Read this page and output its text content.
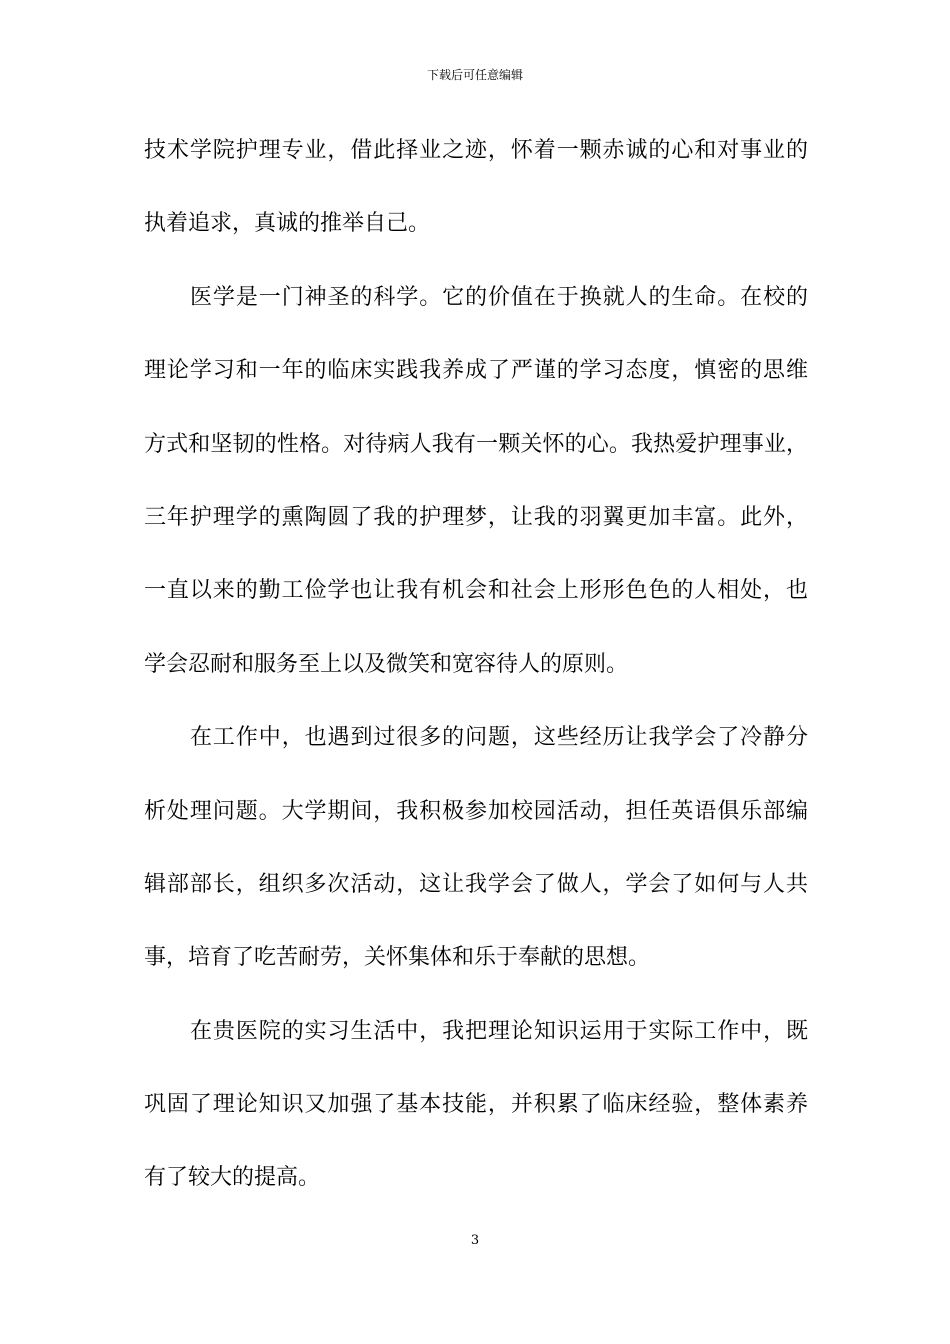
下载后可任意编辑
技术学院护理专业，借此择业之迹，怀着一颗赤诚的心和对事业的
执着追求，真诚的推举自己。
医学是一门神圣的科学。它的价值在于换就人的生命。在校的
理论学习和一年的临床实践我养成了严谨的学习态度，慎密的思维
方式和坚韧的性格。对待病人我有一颗关怀的心。我热爱护理事业，
三年护理学的熏陶圆了我的护理梦，让我的羽翼更加丰富。此外，
一直以来的勤工俭学也让我有机会和社会上形形色色的人相处，也
学会忍耐和服务至上以及微笑和宽容待人的原则。
在工作中，也遇到过很多的问题，这些经历让我学会了冷静分
析处理问题。大学期间，我积极参加校园活动，担任英语俱乐部编
辑部部长，组织多次活动，这让我学会了做人，学会了如何与人共
事，培育了吃苦耐劳，关怀集体和乐于奉献的思想。
在贵医院的实习生活中，我把理论知识运用于实际工作中，既
巩固了理论知识又加强了基本技能，并积累了临床经验，整体素养
有了较大的提高。
3
